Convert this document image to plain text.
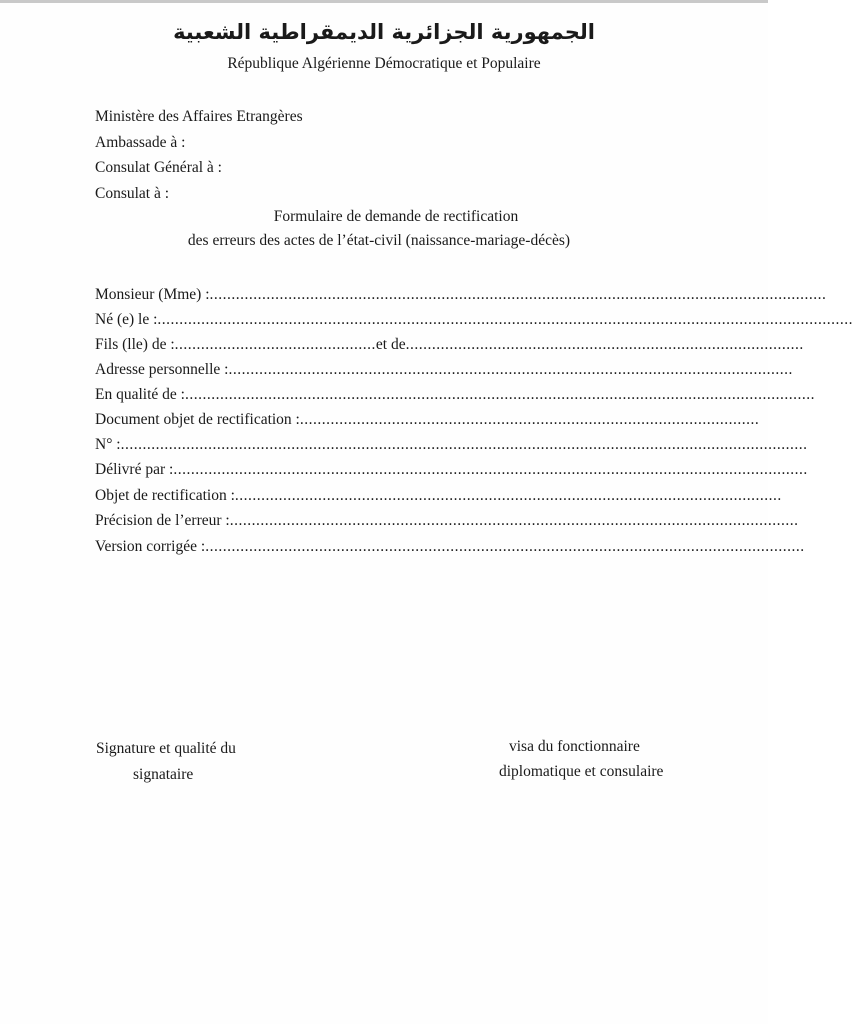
الجمهورية الجزائرية الديمقراطية الشعبية
République Algérienne Démocratique et Populaire
Ministère des Affaires Etrangères
Ambassade à :
Consulat Général à :
Consulat à :
Formulaire de demande de rectification
des erreurs des actes de l’état-civil (naissance-mariage-décès)
Monsieur (Mme) :.............................................................................................................................................
Né (e) le :...............................................................................................................................................................
Fils (lle) de :..............................................et de...........................................................................................
Adresse personnelle :.................................................................................................................................
En qualité de :................................................................................................................................................
Document objet de rectification :.........................................................................................................
N° :.............................................................................................................................................................
Délivré par :.................................................................................................................................................
Objet de rectification :.............................................................................................................................
Précision de l’erreur :..................................................................................................................................
Version corrigée :.........................................................................................................................................
Signature et qualité du
signataire
visa du fonctionnaire
diplomatique et consulaire
